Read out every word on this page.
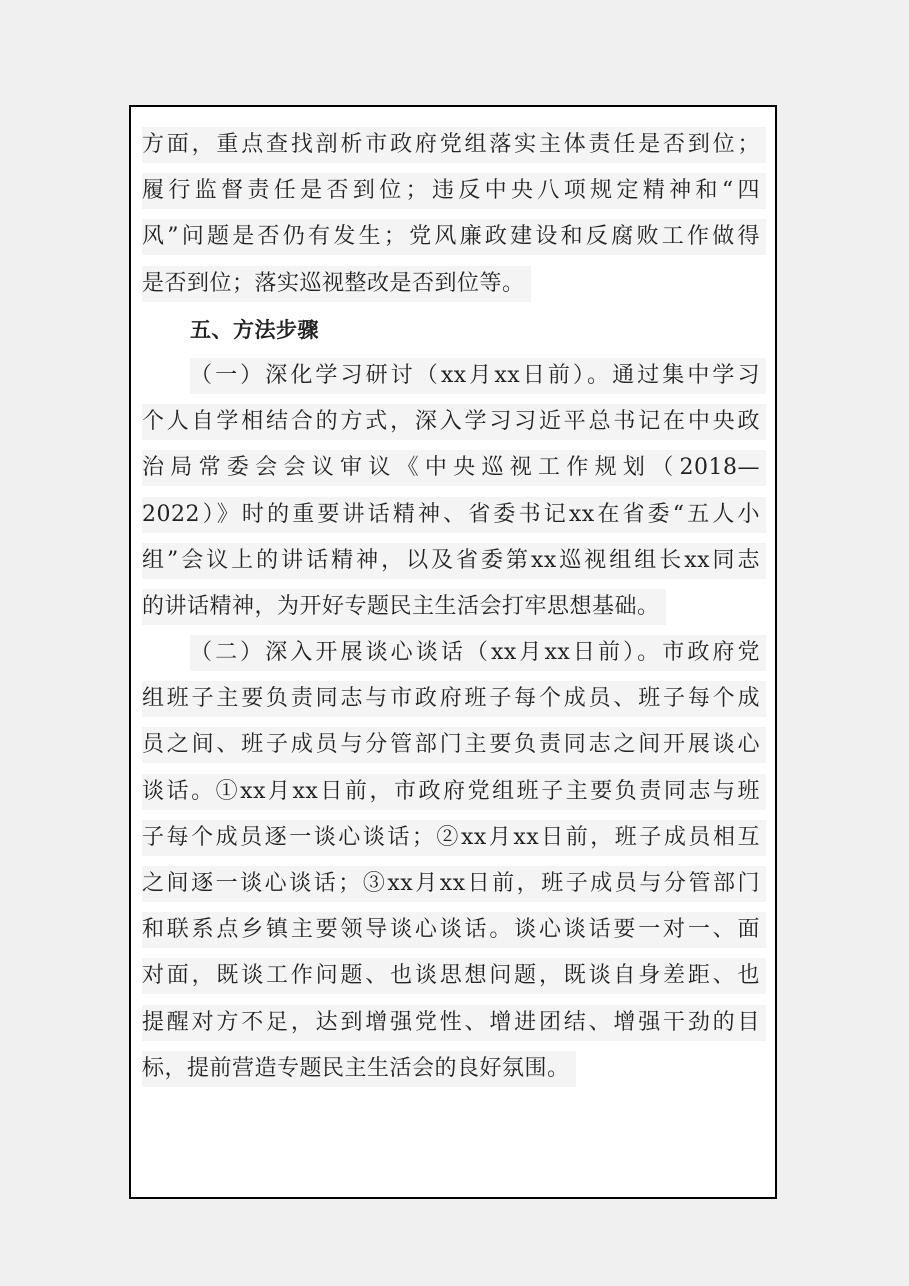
方面，重点查找剖析市政府党组落实主体责任是否到位；
履行监督责任是否到位；违反中央八项规定精神和“四
风”问题是否仍有发生；党风廉政建设和反腐败工作做得
是否到位；落实巡视整改是否到位等。
五、方法步骤
（一）深化学习研讨（xx月xx日前）。通过集中学习
个人自学相结合的方式，深入学习习近平总书记在中央政
治局常委会会议审议《中央巡视工作规划（2018—
2022）》时的重要讲话精神、省委书记xx在省委“五人小
组”会议上的讲话精神，以及省委第xx巡视组组长xx同志
的讲话精神，为开好专题民主生活会打牢思想基础。
（二）深入开展谈心谈话（xx月xx日前）。市政府党
组班子主要负责同志与市政府班子每个成员、班子每个成
员之间、班子成员与分管部门主要负责同志之间开展谈心
谈话。①xx月xx日前，市政府党组班子主要负责同志与班
子每个成员逐一谈心谈话；②xx月xx日前，班子成员相互
之间逐一谈心谈话；③xx月xx日前，班子成员与分管部门
和联系点乡镇主要领导谈心谈话。谈心谈话要一对一、面
对面，既谈工作问题、也谈思想问题，既谈自身差距、也
提醒对方不足，达到增强党性、增进团结、增强干劲的目
标，提前营造专题民主生活会的良好氛围。
